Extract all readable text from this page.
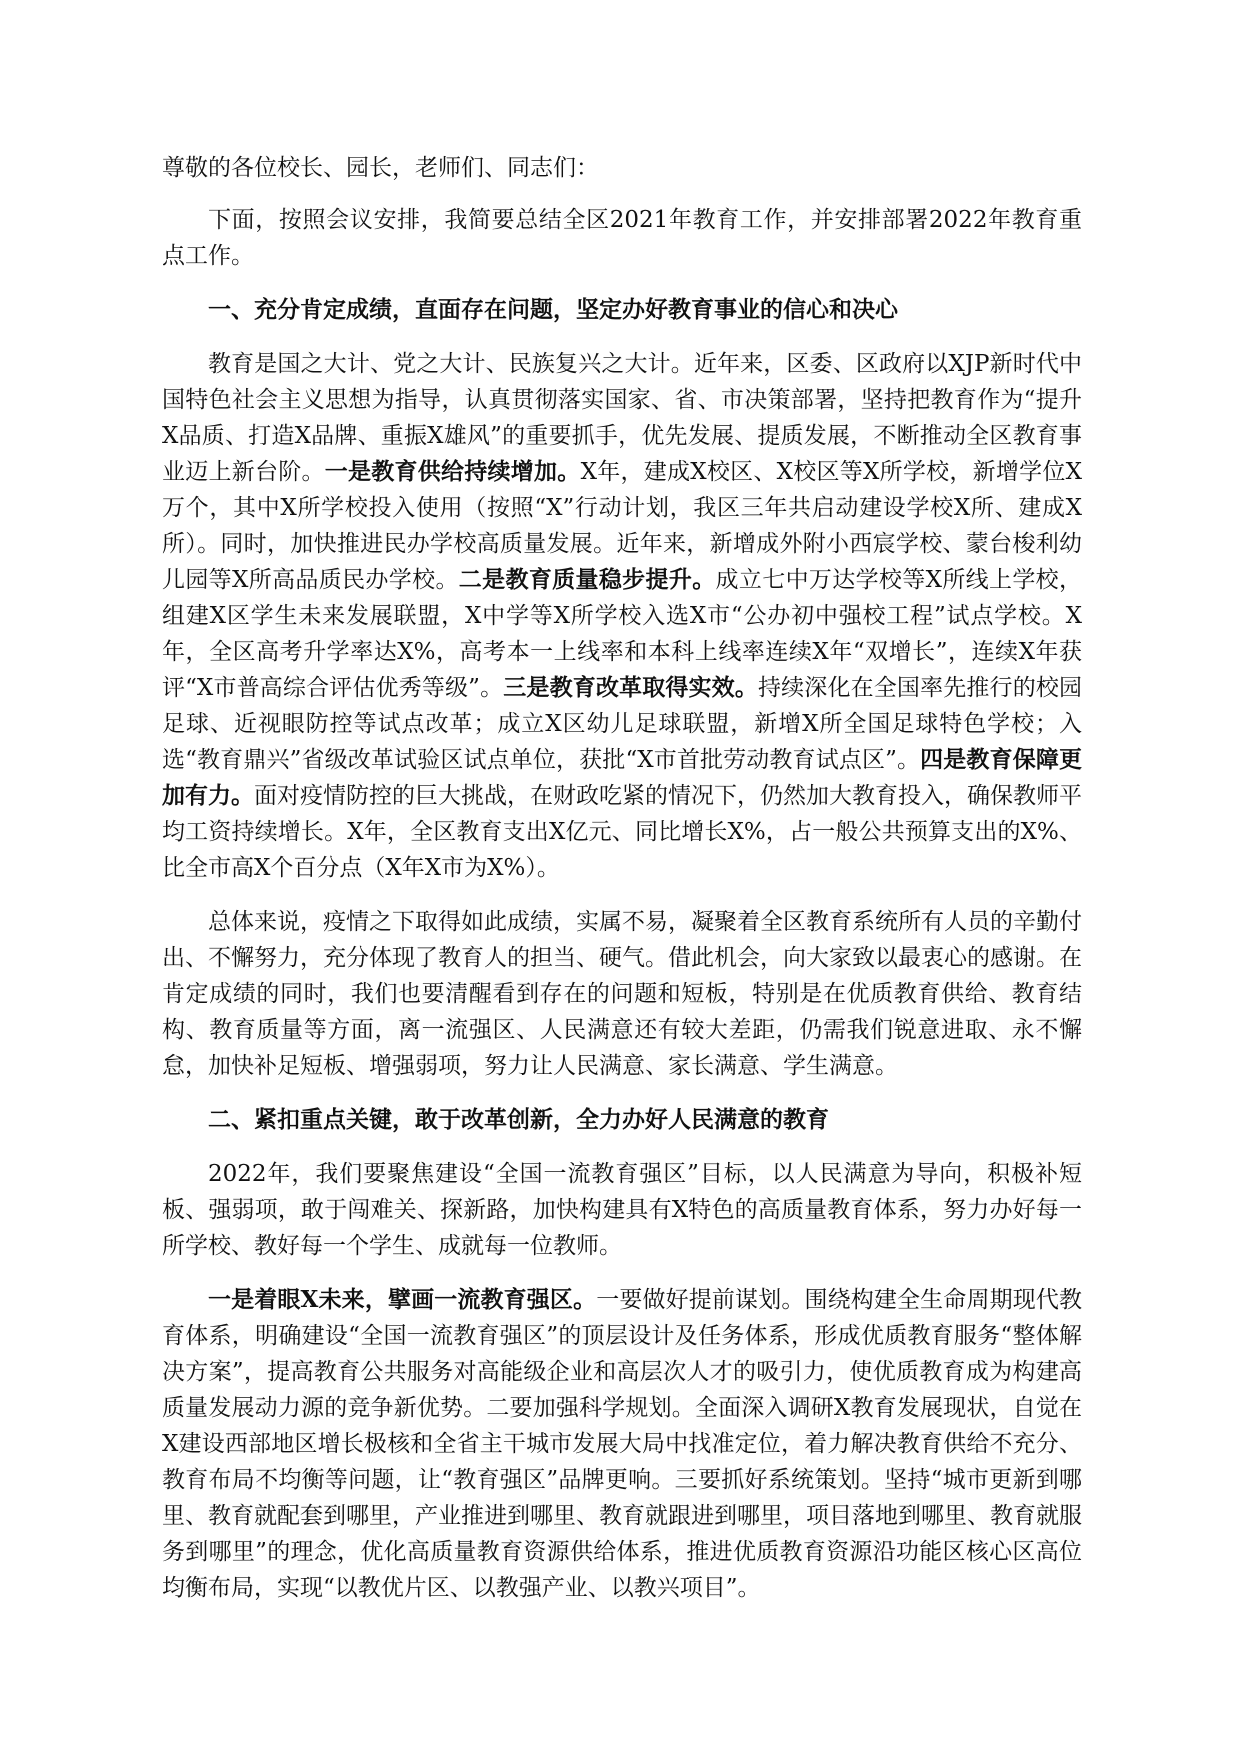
尊敬的各位校长、园长，老师们、同志们：

下面，按照会议安排，我简要总结全区2021年教育工作，并安排部署2022年教育重点工作。

一、充分肯定成绩，直面存在问题，坚定办好教育事业的信心和决心

教育是国之大计、党之大计、民族复兴之大计。近年来，区委、区政府以XJP新时代中国特色社会主义思想为指导，认真贯彻落实国家、省、市决策部署，坚持把教育作为“提升X品质、打造X品牌、重振X雄风”的重要抓手，优先发展、提质发展，不断推动全区教育事业迈上新台阶。一是教育供给持续增加。X年，建成X校区、X校区等X所学校，新增学位X万个，其中X所学校投入使用（按照“X”行动计划，我区三年共启动建设学校X所、建成X所）。同时，加快推进民办学校高质量发展。近年来，新增成外附小西宸学校、蒙台梭利幼儿园等X所高品质民办学校。二是教育质量稳步提升。成立七中万达学校等X所线上学校，组建X区学生未来发展联盟，X中学等X所学校入选X市“公办初中强校工程”试点学校。X年，全区高考升学率达X%，高考本一上线率和本科上线率连续X年“双增长”，连续X年获评“X市普高综合评估优秀等级”。三是教育改革取得实效。持续深化在全国率先推行的校园足球、近视眼防控等试点改革；成立X区幼儿足球联盟，新增X所全国足球特色学校；入选“教育鼎兴”省级改革试验区试点单位，获批“X市首批劳动教育试点区”。四是教育保障更加有力。面对疫情防控的巨大挑战，在财政吃紧的情况下，仍然加大教育投入，确保教师平均工资持续增长。X年，全区教育支出X亿元、同比增长X%，占一般公共预算支出的X%、比全市高X个百分点（X年X市为X%）。

总体来说，疫情之下取得如此成绩，实属不易，凝聚着全区教育系统所有人员的辛勤付出、不懈努力，充分体现了教育人的担当、硬气。借此机会，向大家致以最衷心的感谢。在肯定成绩的同时，我们也要清醒看到存在的问题和短板，特别是在优质教育供给、教育结构、教育质量等方面，离一流强区、人民满意还有较大差距，仍需我们锐意进取、永不懈怠，加快补足短板、增强弱项，努力让人民满意、家长满意、学生满意。

二、紧扣重点关键，敢于改革创新，全力办好人民满意的教育

2022年，我们要聚焦建设“全国一流教育强区”目标，以人民满意为导向，积极补短板、强弱项，敢于闯难关、探新路，加快构建具有X特色的高质量教育体系，努力办好每一所学校、教好每一个学生、成就每一位教师。

一是着眼X未来，擘画一流教育强区。一要做好提前谋划。围绕构建全生命周期现代教育体系，明确建设“全国一流教育强区”的顶层设计及任务体系，形成优质教育服务“整体解决方案”，提高教育公共服务对高能级企业和高层次人才的吸引力，使优质教育成为构建高质量发展动力源的竞争新优势。二要加强科学规划。全面深入调研X教育发展现状，自觉在X建设西部地区增长极核和全省主干城市发展大局中找准定位，着力解决教育供给不充分、教育布局不均衡等问题，让“教育强区”品牌更响。三要抓好系统策划。坚持“城市更新到哪里、教育就配套到哪里，产业推进到哪里、教育就跟进到哪里，项目落地到哪里、教育就服务到哪里”的理念，优化高质量教育资源供给体系，推进优质教育资源沿功能区核心区高位均衡布局，实现“以教优片区、以教强产业、以教兴项目”。
